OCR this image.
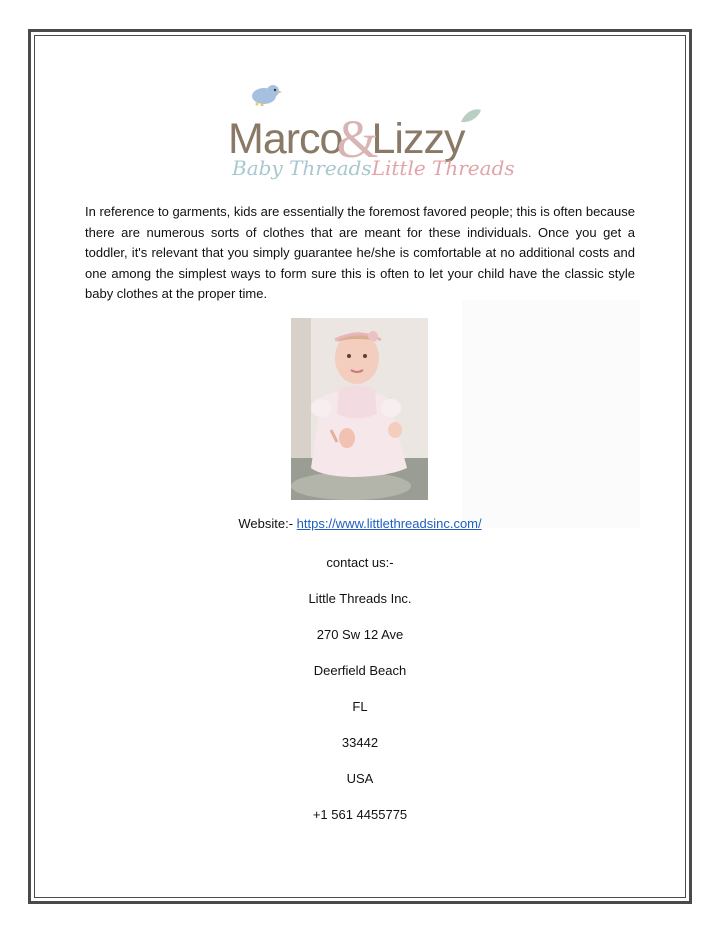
Marco&Lizzy
Baby ThreadsLittle Threads

In reference to garments, kids are essentially the foremost favored people; this is often because there are numerous sorts of clothes that are meant for these individuals. Once you get a toddler, it's relevant that you simply guarantee he/she is comfortable at no additional costs and one among the simplest ways to form sure this is often to let your child have the classic style baby clothes at the proper time.

Website:- https://www.littlethreadsinc.com/

contact us:-

Little Threads Inc.

270 Sw 12 Ave

Deerfield Beach

FL

33442

USA

+1 561 4455775
